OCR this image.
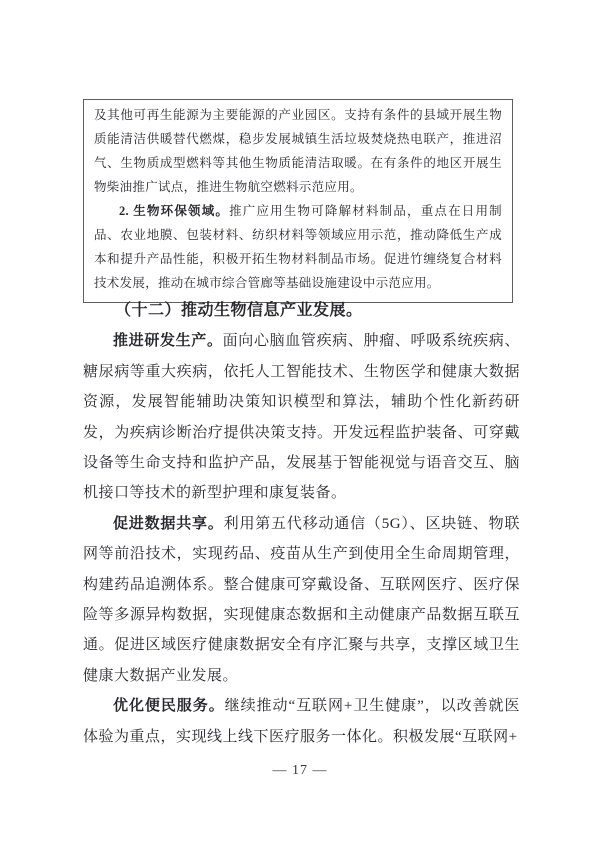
及其他可再生能源为主要能源的产业园区。支持有条件的县域开展生物质能清洁供暖替代燃煤，稳步发展城镇生活垃圾焚烧热电联产，推进沼气、生物质成型燃料等其他生物质能清洁取暖。在有条件的地区开展生物柴油推广试点，推进生物航空燃料示范应用。

2. 生物环保领域。推广应用生物可降解材料制品，重点在日用制品、农业地膜、包装材料、纺织材料等领域应用示范，推动降低生产成本和提升产品性能，积极开拓生物材料制品市场。促进竹缠绕复合材料技术发展，推动在城市综合管廊等基础设施建设中示范应用。

（十二）推动生物信息产业发展。

推进研发生产。面向心脑血管疾病、肿瘤、呼吸系统疾病、糖尿病等重大疾病，依托人工智能技术、生物医学和健康大数据资源，发展智能辅助决策知识模型和算法，辅助个性化新药研发，为疾病诊断治疗提供决策支持。开发远程监护装备、可穿戴设备等生命支持和监护产品，发展基于智能视觉与语音交互、脑机接口等技术的新型护理和康复装备。

促进数据共享。利用第五代移动通信（5G）、区块链、物联网等前沿技术，实现药品、疫苗从生产到使用全生命周期管理，构建药品追溯体系。整合健康可穿戴设备、互联网医疗、医疗保险等多源异构数据，实现健康态数据和主动健康产品数据互联互通。促进区域医疗健康数据安全有序汇聚与共享，支撑区域卫生健康大数据产业发展。

优化便民服务。继续推动“互联网+卫生健康”，以改善就医体验为重点，实现线上线下医疗服务一体化。积极发展“互联网+

— 17 —
